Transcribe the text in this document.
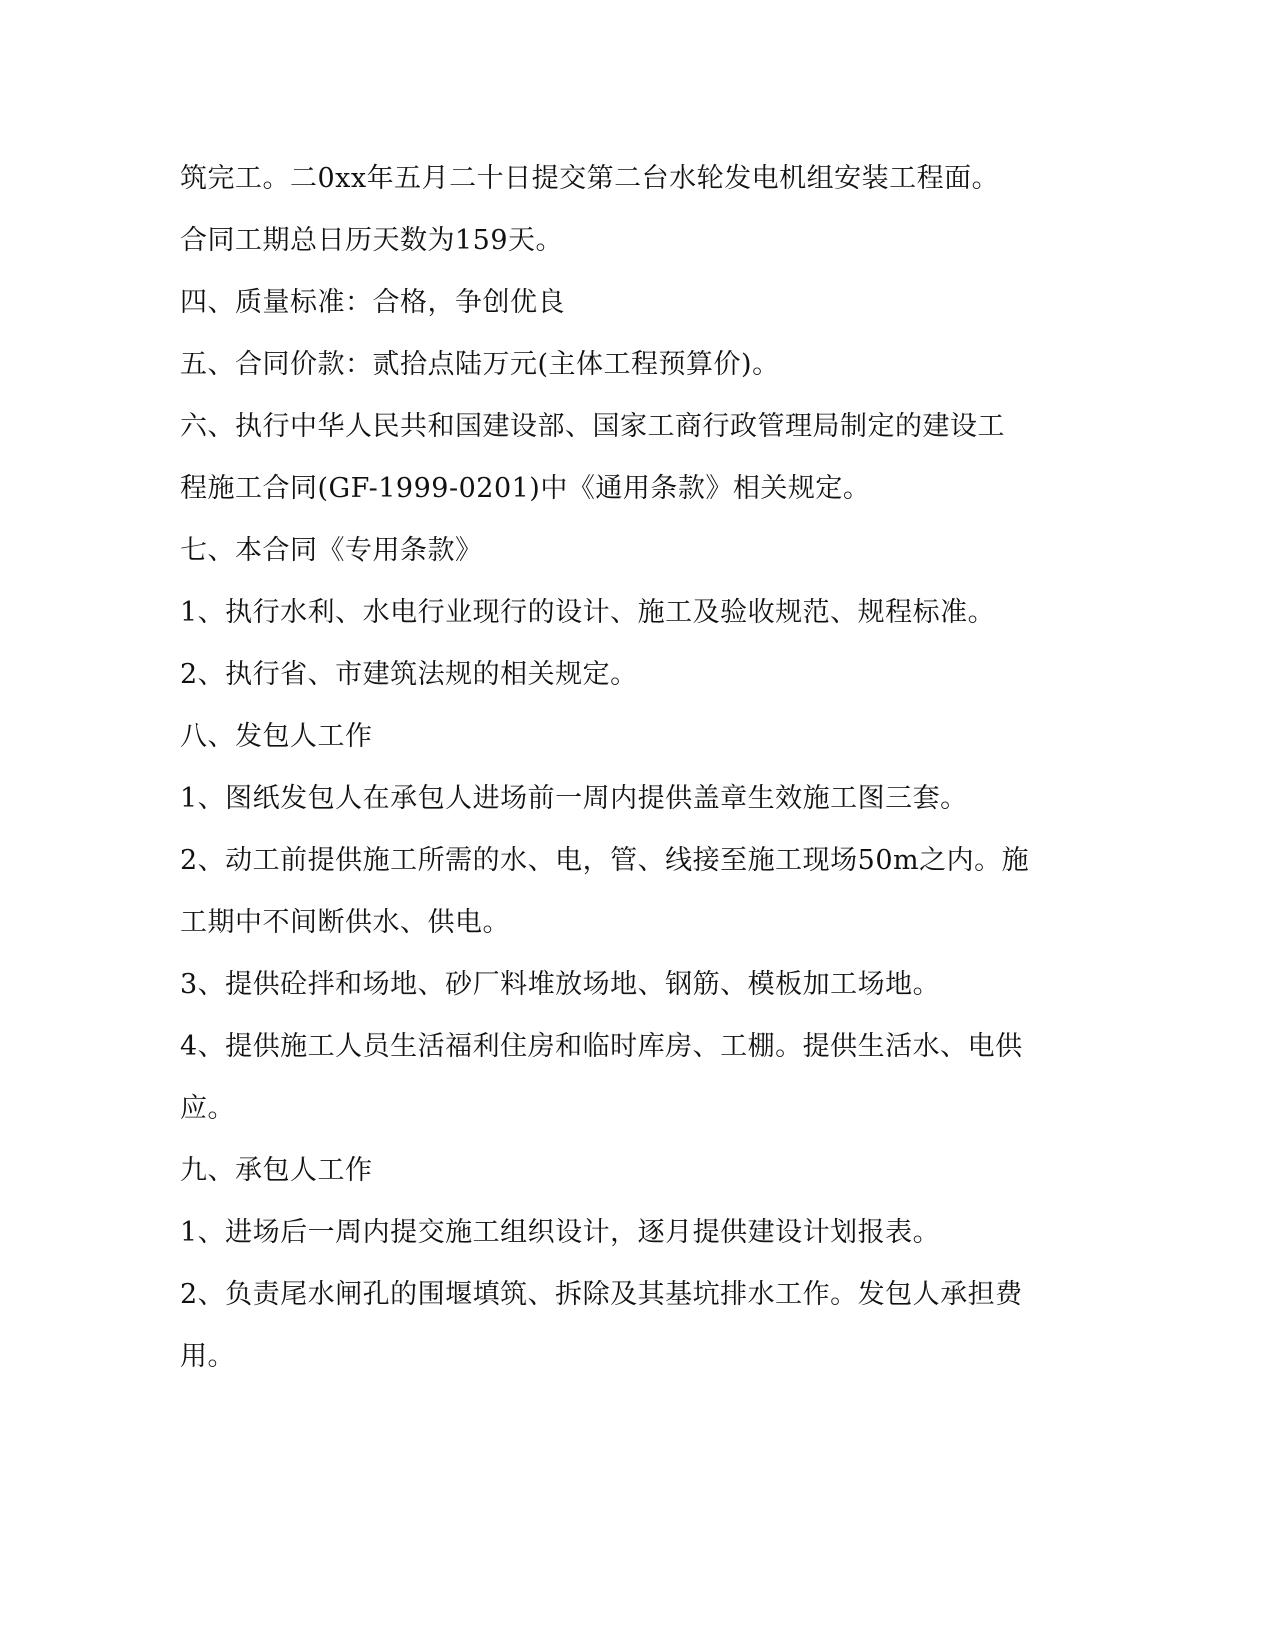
筑完工。二0xx年五月二十日提交第二台水轮发电机组安装工程面。
合同工期总日历天数为159天。
四、质量标准：合格，争创优良
五、合同价款：贰拾点陆万元(主体工程预算价)。
六、执行中华人民共和国建设部、国家工商行政管理局制定的建设工
程施工合同(GF-1999-0201)中《通用条款》相关规定。
七、本合同《专用条款》
1、执行水利、水电行业现行的设计、施工及验收规范、规程标准。
2、执行省、市建筑法规的相关规定。
八、发包人工作
1、图纸发包人在承包人进场前一周内提供盖章生效施工图三套。
2、动工前提供施工所需的水、电，管、线接至施工现场50m之内。施
工期中不间断供水、供电。
3、提供砼拌和场地、砂厂料堆放场地、钢筋、模板加工场地。
4、提供施工人员生活福利住房和临时库房、工棚。提供生活水、电供
应。
九、承包人工作
1、进场后一周内提交施工组织设计，逐月提供建设计划报表。
2、负责尾水闸孔的围堰填筑、拆除及其基坑排水工作。发包人承担费
用。
